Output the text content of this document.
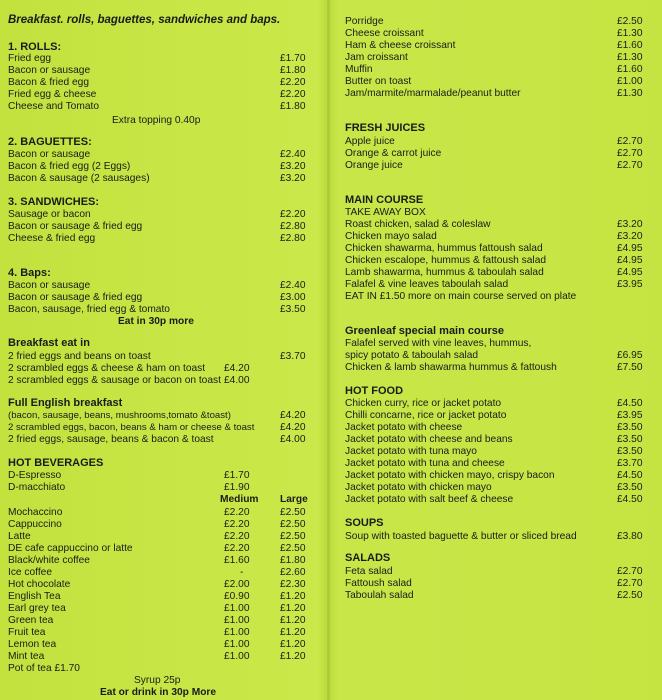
Breakfast. rolls, baguettes, sandwiches and baps.
1. ROLLS:
Fried egg	£1.70
Bacon or sausage	£1.80
Bacon & fried egg	£2.20
Fried egg & cheese	£2.20
Cheese and Tomato	£1.80
Extra topping 0.40p
2. BAGUETTES:
Bacon or sausage	£2.40
Bacon & fried egg (2 Eggs)	£3.20
Bacon & sausage (2 sausages)	£3.20
3. SANDWICHES:
Sausage or bacon	£2.20
Bacon or sausage & fried egg	£2.80
Cheese & fried egg	£2.80
4. Baps:
Bacon or sausage	£2.40
Bacon or sausage & fried egg	£3.00
Bacon, sausage, fried egg & tomato	£3.50
Eat in 30p more
Breakfast eat in
2 fried eggs and beans on toast	£3.70
2 scrambled eggs & cheese & ham on toast £4.20
2 scrambled eggs & sausage or bacon on toast £4.00
Full English breakfast
(bacon, sausage, beans, mushrooms,tomato &toast)	£4.20
2 scrambled eggs, bacon, beans & ham or cheese & toast	£4.20
2 fried eggs, sausage, beans & bacon & toast	£4.00
HOT BEVERAGES
D-Espresso	£1.70
D-macchiato	£1.90
Medium Large
Mochaccino	£2.20	£2.50
Cappuccino	£2.20	£2.50
Latte	£2.20	£2.50
DE cafe cappuccino or latte	£2.20	£2.50
Black/white coffee	£1.60	£1.80
Ice coffee	-	£2.60
Hot chocolate	£2.00	£2.30
English Tea	£0.90	£1.20
Earl grey tea	£1.00	£1.20
Green tea	£1.00	£1.20
Fruit tea	£1.00	£1.20
Lemon tea	£1.00	£1.20
Mint tea	£1.00	£1.20
Pot of tea £1.70
Syrup 25p
Eat or drink in 30p More
Porridge	£2.50
Cheese croissant	£1.30
Ham & cheese croissant	£1.60
Jam croissant	£1.30
Muffin	£1.60
Butter on toast	£1.00
Jam/marmite/marmalade/peanut butter	£1.30
FRESH JUICES
Apple juice	£2.70
Orange & carrot juice	£2.70
Orange juice	£2.70
MAIN COURSE
TAKE AWAY BOX
Roast chicken, salad & coleslaw	£3.20
Chicken mayo salad	£3.20
Chicken shawarma, hummus fattoush salad	£4.95
Chicken escalope, hummus & fattoush salad	£4.95
Lamb shawarma, hummus & taboulah salad	£4.95
Falafel & vine leaves taboulah salad	£3.95
EAT IN £1.50 more on main course served on plate
Greenleaf special main course
Falafel served with vine leaves, hummus,
spicy potato & taboulah salad	£6.95
Chicken & lamb shawarma hummus & fattoush	£7.50
HOT FOOD
Chicken curry, rice or jacket potato	£4.50
Chilli concarne, rice or jacket potato	£3.95
Jacket potato with cheese	£3.50
Jacket potato with cheese and beans	£3.50
Jacket potato with tuna mayo	£3.50
Jacket potato with tuna and cheese	£3.70
Jacket potato with chicken mayo, crispy bacon	£4.50
Jacket potato with chicken mayo	£3.50
Jacket potato with salt beef & cheese	£4.50
SOUPS
Soup with toasted baguette & butter or sliced bread	£3.80
SALADS
Feta salad	£2.70
Fattoush salad	£2.70
Taboulah salad	£2.50
